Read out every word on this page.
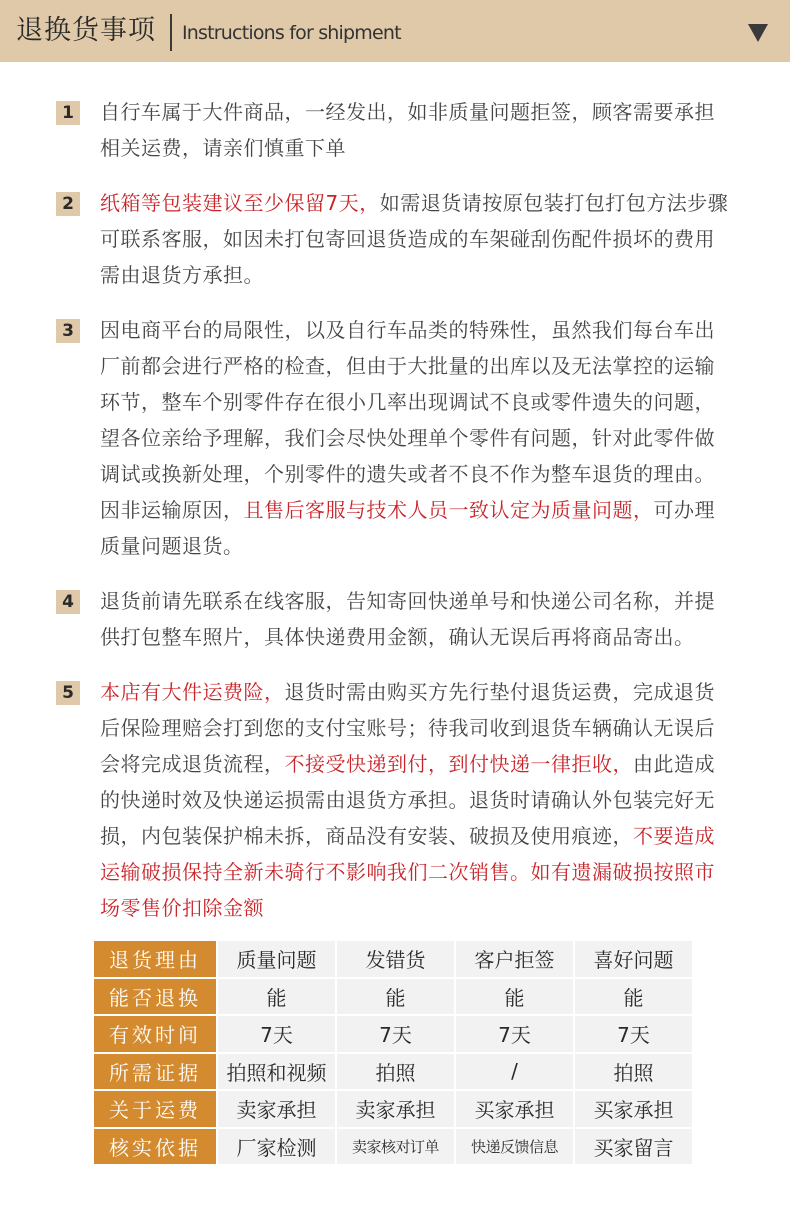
退换货事项 Instructions for shipment
1	自行车属于大件商品，一经发出，如非质量问题拒签，顾客需要承担相关运费，请亲们慎重下单
2	纸箱等包装建议至少保留7天，如需退货请按原包装打包打包方法步骤可联系客服，如因未打包寄回退货造成的车架碰刮伤配件损坏的费用需由退货方承担。
3	因电商平台的局限性，以及自行车品类的特殊性，虽然我们每台车出厂前都会进行严格的检查，但由于大批量的出库以及无法掌控的运输环节，整车个别零件存在很小几率出现调试不良或零件遗失的问题，望各位亲给予理解，我们会尽快处理单个零件有问题，针对此零件做调试或换新处理，个别零件的遗失或者不良不作为整车退货的理由。因非运输原因，且售后客服与技术人员一致认定为质量问题，可办理质量问题退货。
4	退货前请先联系在线客服，告知寄回快递单号和快递公司名称，并提供打包整车照片，具体快递费用金额，确认无误后再将商品寄出。
5	本店有大件运费险，退货时需由购买方先行垫付退货运费，完成退货后保险理赔会打到您的支付宝账号；待我司收到退货车辆确认无误后会将完成退货流程，不接受快递到付，到付快递一律拒收，由此造成的快递时效及快递运损需由退货方承担。退货时请确认外包装完好无损，内包装保护棉未拆，商品没有安装、破损及使用痕迹，不要造成运输破损保持全新未骑行不影响我们二次销售。如有遗漏破损按照市场零售价扣除金额
退货理由	质量问题	发错货	客户拒签	喜好问题
能否退换	能	能	能	能
有效时间	7天	7天	7天	7天
所需证据	拍照和视频	拍照	/	拍照
关于运费	卖家承担	卖家承担	买家承担	买家承担
核实依据	厂家检测	卖家核对订单	快递反馈信息	买家留言
